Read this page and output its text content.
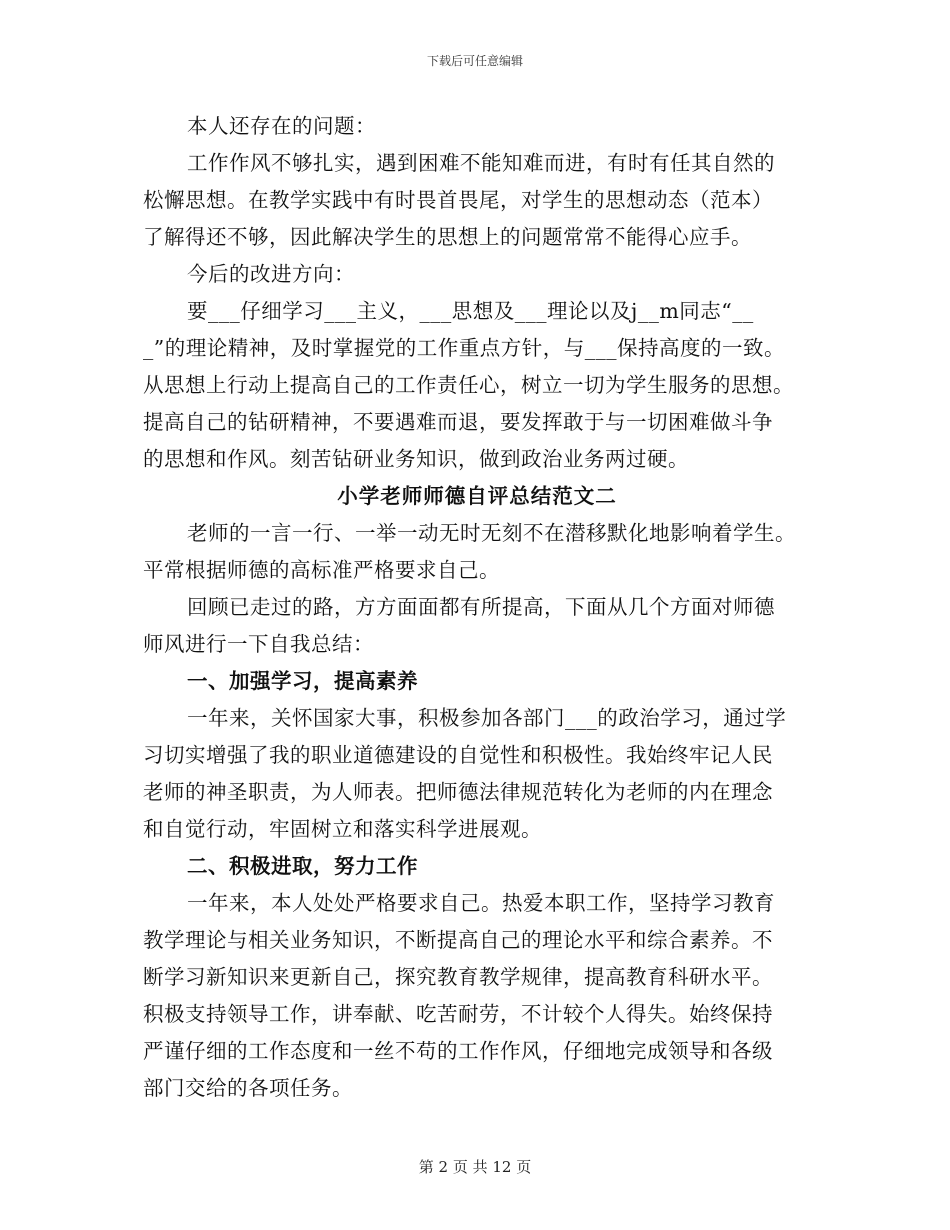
下载后可任意编辑
本人还存在的问题：
工作作风不够扎实，遇到困难不能知难而进，有时有任其自然的
松懈思想。在教学实践中有时畏首畏尾，对学生的思想动态（范本）
了解得还不够，因此解决学生的思想上的问题常常不能得心应手。
今后的改进方向：
要___仔细学习___主义，___思想及___理论以及j__m同志“__
_”的理论精神，及时掌握党的工作重点方针，与___保持高度的一致。
从思想上行动上提高自己的工作责任心，树立一切为学生服务的思想。
提高自己的钻研精神，不要遇难而退，要发挥敢于与一切困难做斗争
的思想和作风。刻苦钻研业务知识，做到政治业务两过硬。
小学老师师德自评总结范文二
老师的一言一行、一举一动无时无刻不在潜移默化地影响着学生。
平常根据师德的高标准严格要求自己。
回顾已走过的路，方方面面都有所提高，下面从几个方面对师德
师风进行一下自我总结：
一、加强学习，提高素养
一年来，关怀国家大事，积极参加各部门___的政治学习，通过学
习切实增强了我的职业道德建设的自觉性和积极性。我始终牢记人民
老师的神圣职责，为人师表。把师德法律规范转化为老师的内在理念
和自觉行动，牢固树立和落实科学进展观。
二、积极进取，努力工作
一年来，本人处处严格要求自己。热爱本职工作，坚持学习教育
教学理论与相关业务知识，不断提高自己的理论水平和综合素养。不
断学习新知识来更新自己，探究教育教学规律，提高教育科研水平。
积极支持领导工作，讲奉献、吃苦耐劳，不计较个人得失。始终保持
严谨仔细的工作态度和一丝不苟的工作作风，仔细地完成领导和各级
部门交给的各项任务。
第 2 页 共 12 页
